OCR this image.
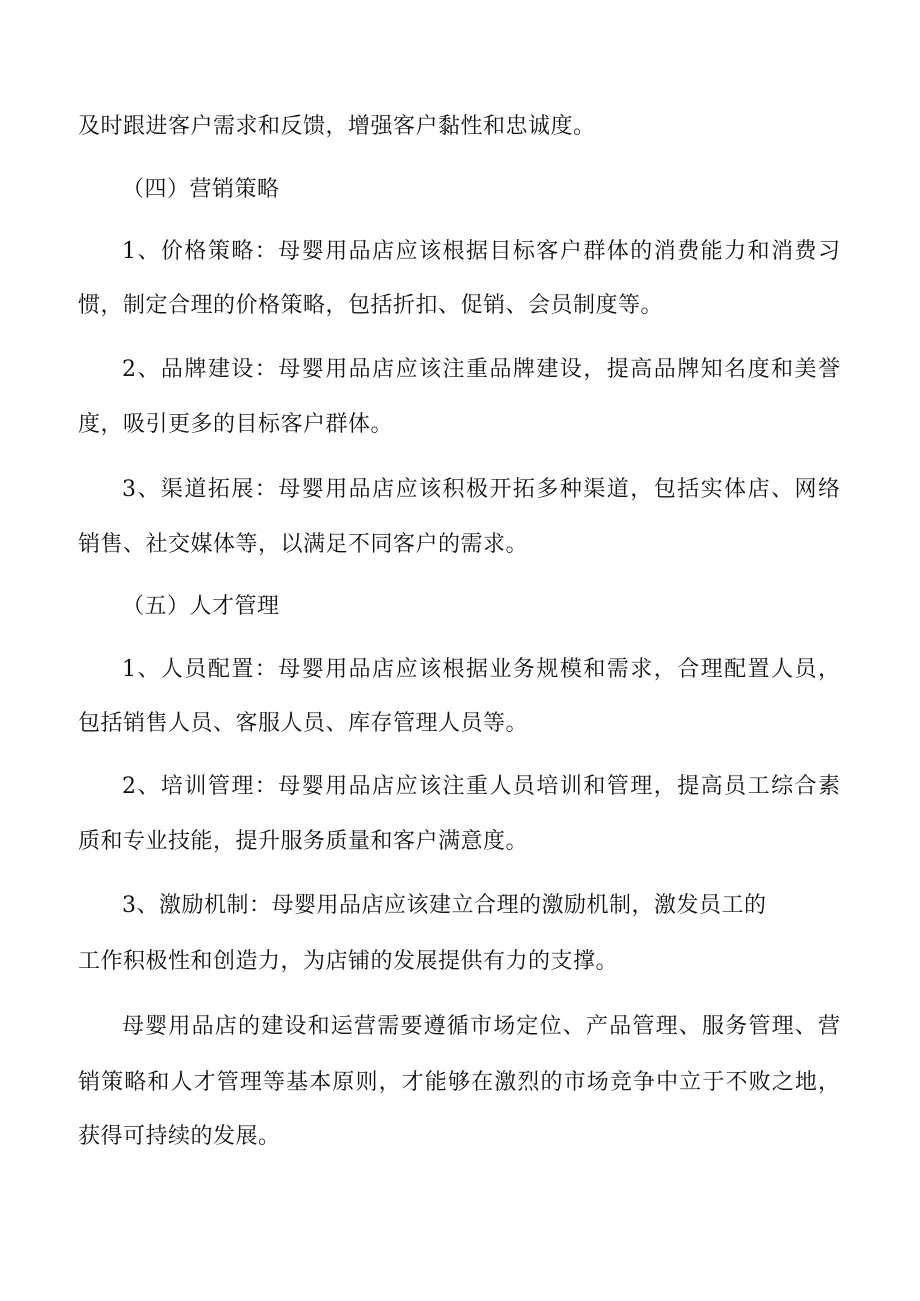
及时跟进客户需求和反馈，增强客户黏性和忠诚度。
（四）营销策略
1、价格策略：母婴用品店应该根据目标客户群体的消费能力和消费习
惯，制定合理的价格策略，包括折扣、促销、会员制度等。
2、品牌建设：母婴用品店应该注重品牌建设，提高品牌知名度和美誉
度，吸引更多的目标客户群体。
3、渠道拓展：母婴用品店应该积极开拓多种渠道，包括实体店、网络
销售、社交媒体等，以满足不同客户的需求。
（五）人才管理
1、人员配置：母婴用品店应该根据业务规模和需求，合理配置人员，
包括销售人员、客服人员、库存管理人员等。
2、培训管理：母婴用品店应该注重人员培训和管理，提高员工综合素
质和专业技能，提升服务质量和客户满意度。
3、激励机制：母婴用品店应该建立合理的激励机制，激发员工的
工作积极性和创造力，为店铺的发展提供有力的支撑。
母婴用品店的建设和运营需要遵循市场定位、产品管理、服务管理、营
销策略和人才管理等基本原则，才能够在激烈的市场竞争中立于不败之地，
获得可持续的发展。
